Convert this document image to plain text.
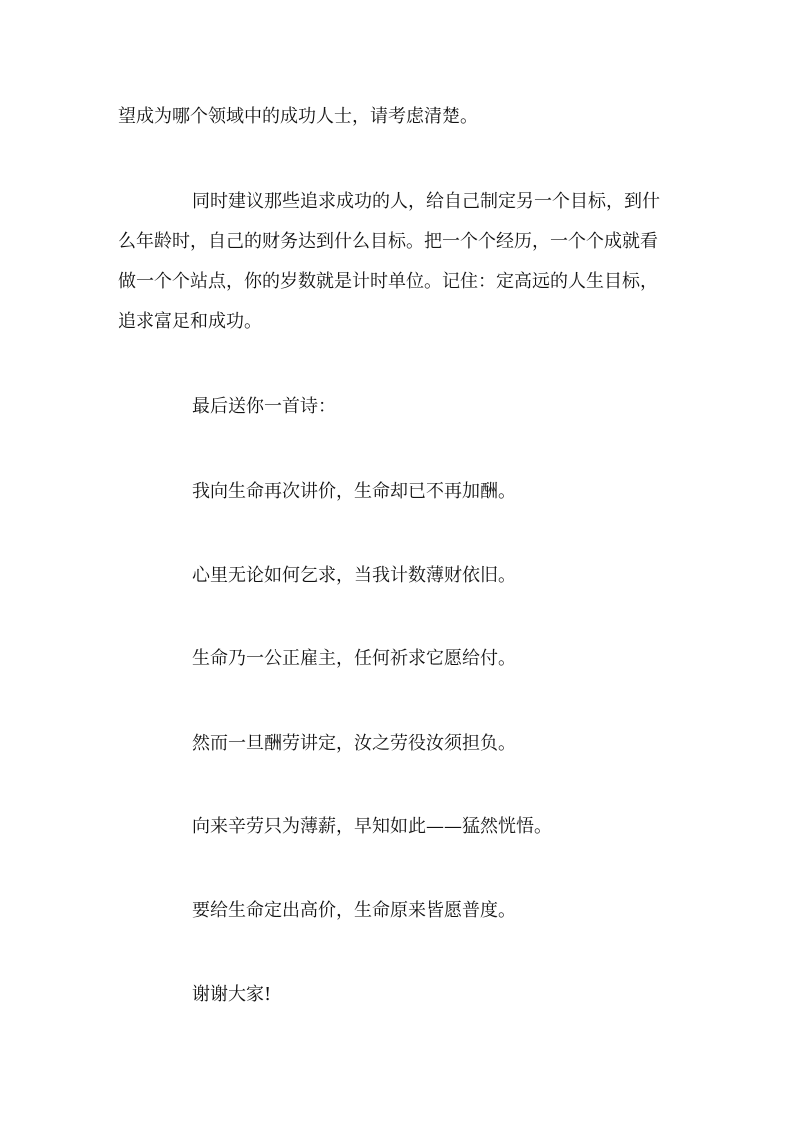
望成为哪个领域中的成功人士，请考虑清楚。

同时建议那些追求成功的人，给自己制定另一个目标，到什
么年龄时，自己的财务达到什么目标。把一个个经历，一个个成就看
做一个个站点，你的岁数就是计时单位。记住：定高远的人生目标，
追求富足和成功。

最后送你一首诗：

我向生命再次讲价，生命却已不再加酬。

心里无论如何乞求，当我计数薄财依旧。

生命乃一公正雇主，任何祈求它愿给付。

然而一旦酬劳讲定，汝之劳役汝须担负。

向来辛劳只为薄薪，早知如此——猛然恍悟。

要给生命定出高价，生命原来皆愿普度。

谢谢大家!
